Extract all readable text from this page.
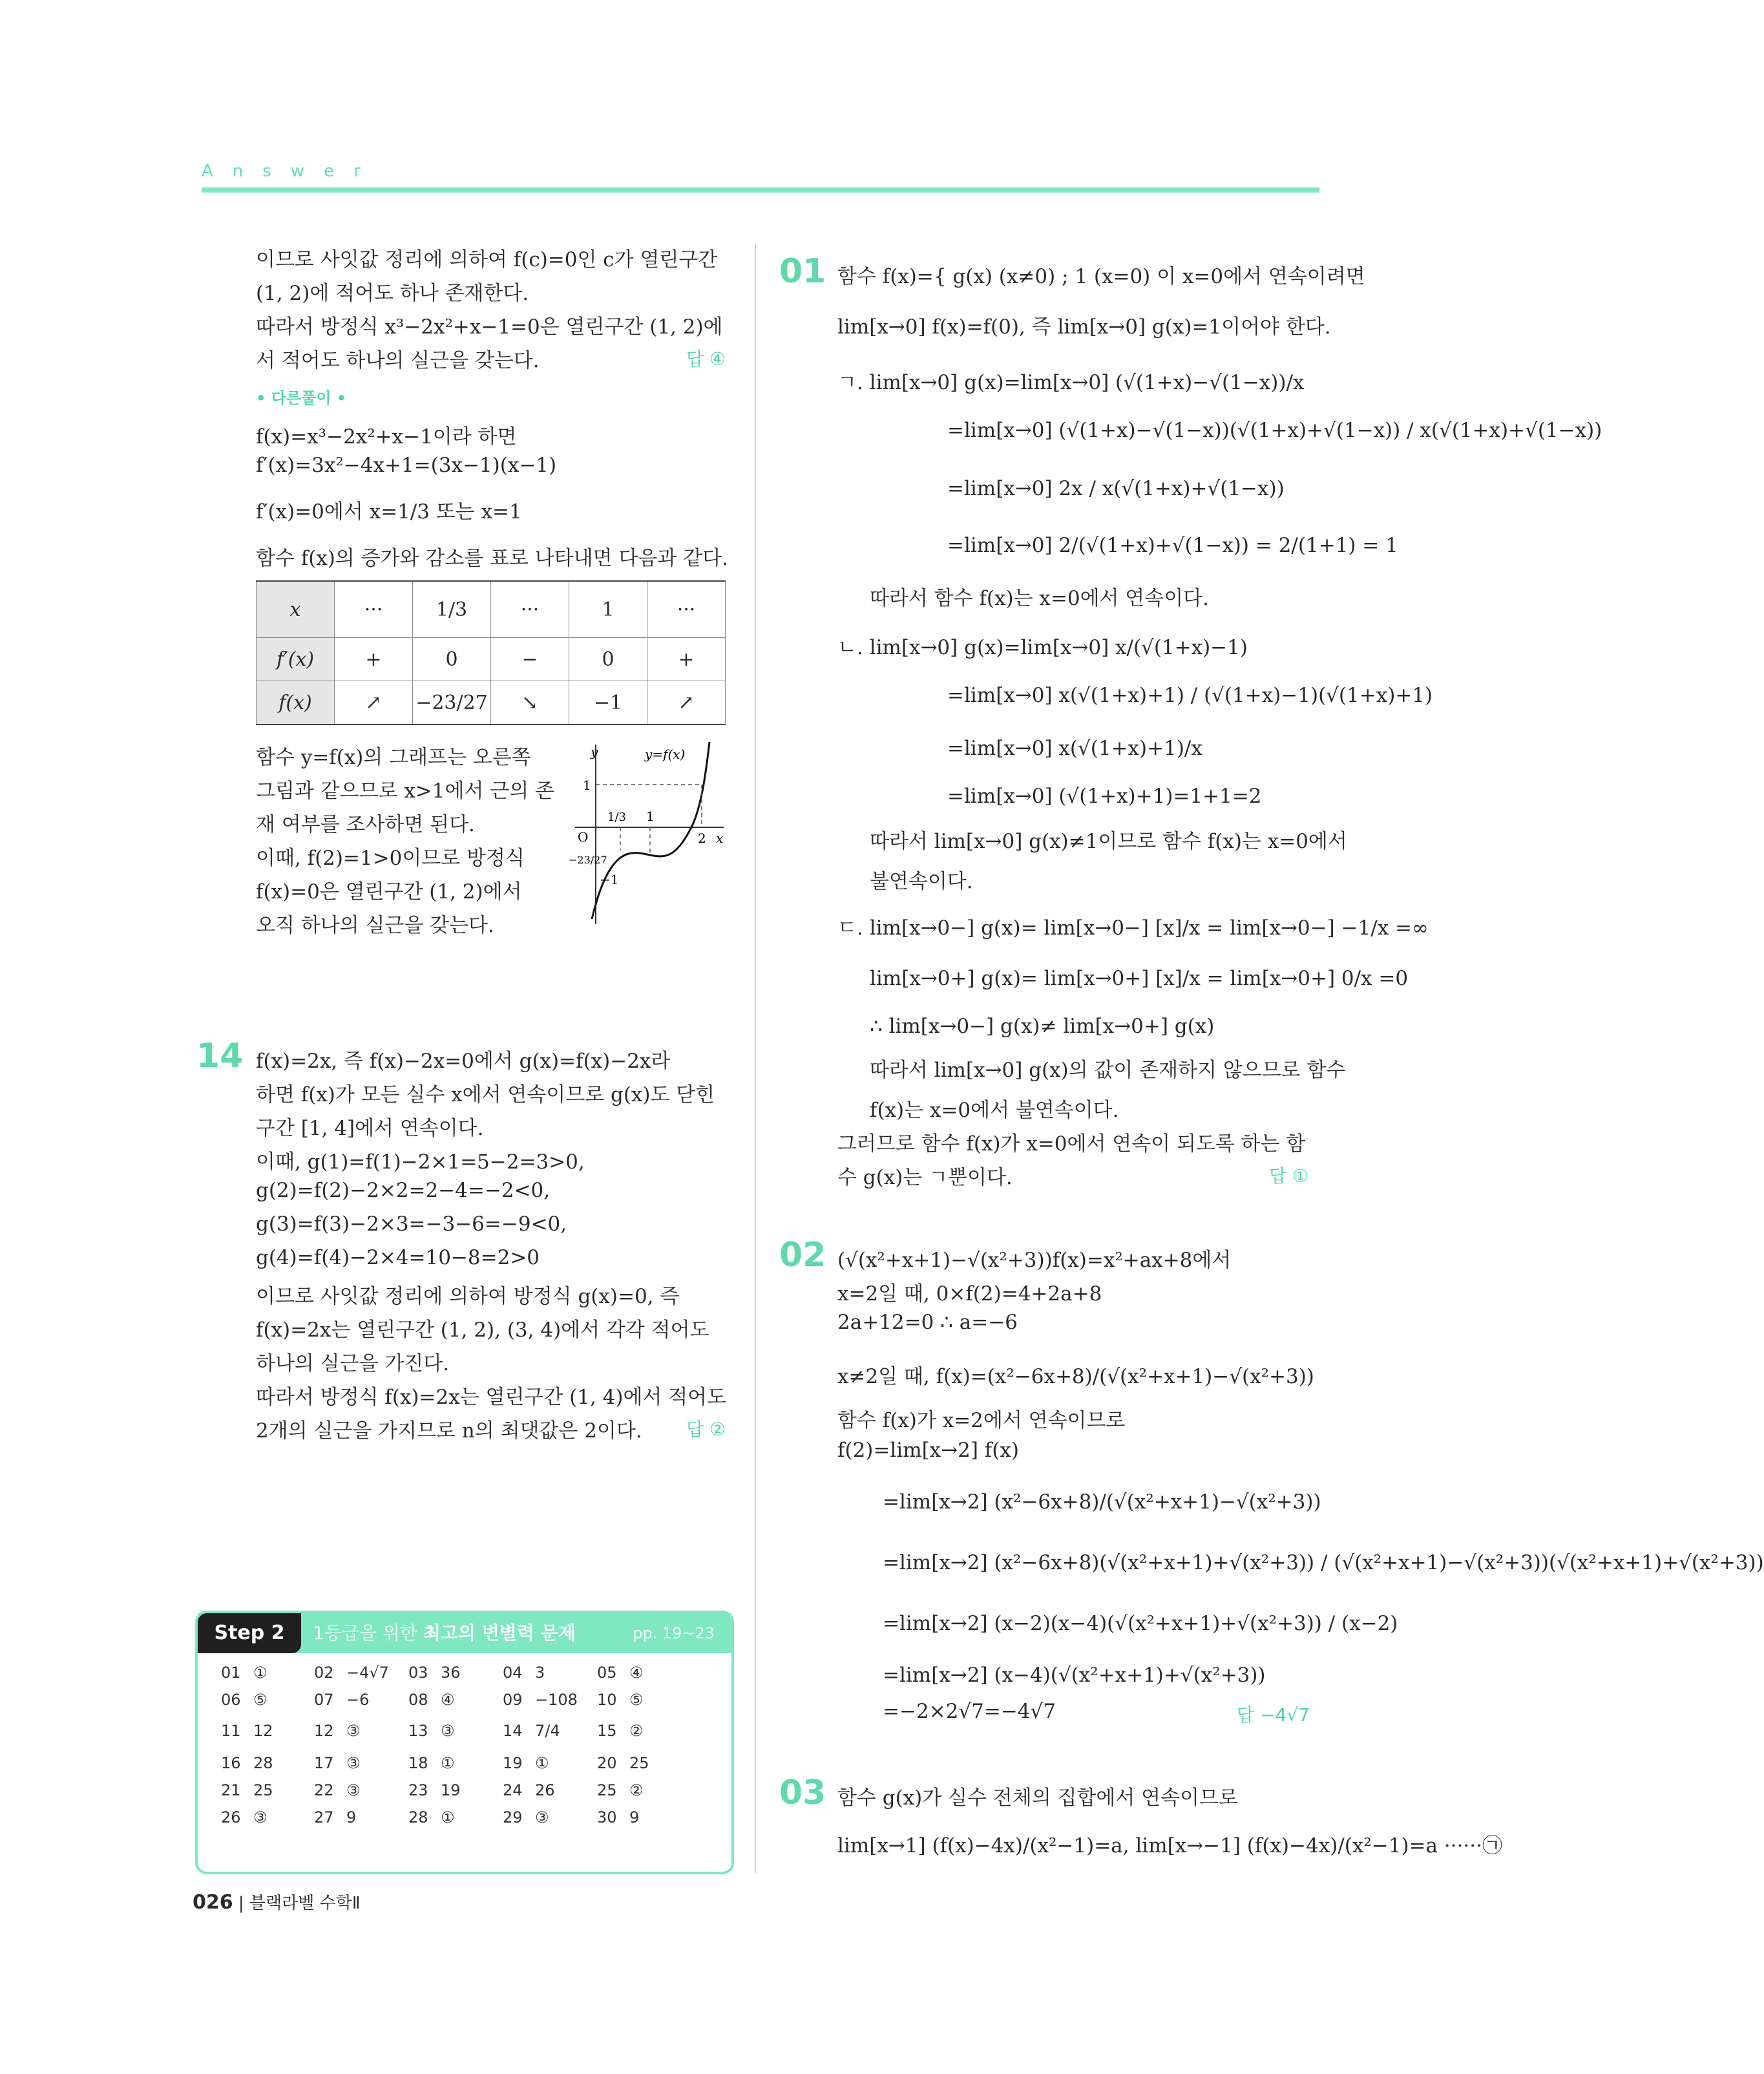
Answer
이므로 사잇값 정리에 의하여 f(c)=0인 c가 열린구간
(1, 2)에 적어도 하나 존재한다.
따라서 방정식 x³−2x²+x−1=0은 열린구간 (1, 2)에
서 적어도 하나의 실근을 갖는다.	답 ④
• 다른풀이 •
f(x)=x³−2x²+x−1이라 하면
f′(x)=3x²−4x+1=(3x−1)(x−1)
f′(x)=0에서 x=1/3 또는 x=1
함수 f(x)의 증가와 감소를 표로 나타내면 다음과 같다.
x	···	1/3	···	1	···
f′(x)	+	0	−	0	+
f(x)	↗	−23/27	↘	−1	↗
함수 y=f(x)의 그래프는 오른쪽
그림과 같으므로 x>1에서 근의 존
재 여부를 조사하면 된다.
이때, f(2)=1>0이므로 방정식
f(x)=0은 열린구간 (1, 2)에서
오직 하나의 실근을 갖는다.
y	y=f(x)
1
O
1/3 1
2 x
−23/27
−1
14 f(x)=2x, 즉 f(x)−2x=0에서 g(x)=f(x)−2x라
하면 f(x)가 모든 실수 x에서 연속이므로 g(x)도 닫힌
구간 [1, 4]에서 연속이다.
이때, g(1)=f(1)−2×1=5−2=3>0,
g(2)=f(2)−2×2=2−4=−2<0,
g(3)=f(3)−2×3=−3−6=−9<0,
g(4)=f(4)−2×4=10−8=2>0
이므로 사잇값 정리에 의하여 방정식 g(x)=0, 즉
f(x)=2x는 열린구간 (1, 2), (3, 4)에서 각각 적어도
하나의 실근을 가진다.
따라서 방정식 f(x)=2x는 열린구간 (1, 4)에서 적어도
2개의 실근을 가지므로 n의 최댓값은 2이다. 답 ②
Step 2	1등급을 위한 최고의 변별력 문제	pp. 19~23
01 ①	02 −4√7 03 36	04 3	05 ④
06 ⑤	07 −6	08 ④	09 −108 10 ⑤
11 12	12 ③	13 ③	14 7/4 15 ②
16 28	17 ③	18 ①	19 ①	20 25
21 25	22 ③	23 19	24 26	25 ②
26 ③	27 9	28 ①	29 ③	30 9
026 | 블랙라벨 수학Ⅱ
01 함수 f(x)={ g(x) (x≠0) ; 1 (x=0) 이 x=0에서 연속이려면
lim[x→0] f(x)=f(0), 즉 lim[x→0] g(x)=1이어야 한다.
ㄱ. lim[x→0] g(x)=lim[x→0] (√(1+x)−√(1−x))/x
=lim[x→0] (√(1+x)−√(1−x))(√(1+x)+√(1−x)) / x(√(1+x)+√(1−x))
=lim[x→0] 2x / x(√(1+x)+√(1−x))
=lim[x→0] 2/(√(1+x)+√(1−x)) = 2/(1+1) = 1
따라서 함수 f(x)는 x=0에서 연속이다.
ㄴ. lim[x→0] g(x)=lim[x→0] x/(√(1+x)−1)
=lim[x→0] x(√(1+x)+1) / (√(1+x)−1)(√(1+x)+1)
=lim[x→0] x(√(1+x)+1)/x
=lim[x→0] (√(1+x)+1)=1+1=2
따라서 lim[x→0] g(x)≠1이므로 함수 f(x)는 x=0에서
불연속이다.
ㄷ. lim[x→0−] g(x)= lim[x→0−] [x]/x = lim[x→0−] −1/x =∞
lim[x→0+] g(x)= lim[x→0+] [x]/x = lim[x→0+] 0/x =0
∴ lim[x→0−] g(x)≠ lim[x→0+] g(x)
따라서 lim[x→0] g(x)의 값이 존재하지 않으므로 함수
f(x)는 x=0에서 불연속이다.
그러므로 함수 f(x)가 x=0에서 연속이 되도록 하는 함
수 g(x)는 ㄱ뿐이다.	답 ①
02 (√(x²+x+1)−√(x²+3))f(x)=x²+ax+8에서
x=2일 때, 0×f(2)=4+2a+8
2a+12=0 ∴ a=−6
x≠2일 때, f(x)=(x²−6x+8)/(√(x²+x+1)−√(x²+3))
함수 f(x)가 x=2에서 연속이므로
f(2)=lim[x→2] f(x)
=lim[x→2] (x²−6x+8)/(√(x²+x+1)−√(x²+3))
=lim[x→2] (x²−6x+8)(√(x²+x+1)+√(x²+3)) / (√(x²+x+1)−√(x²+3))(√(x²+x+1)+√(x²+3))
=lim[x→2] (x−2)(x−4)(√(x²+x+1)+√(x²+3)) / (x−2)
=lim[x→2] (x−4)(√(x²+x+1)+√(x²+3))
=−2×2√7=−4√7	답 −4√7
03 함수 g(x)가 실수 전체의 집합에서 연속이므로
lim[x→1] (f(x)−4x)/(x²−1)=a, lim[x→−1] (f(x)−4x)/(x²−1)=a ······㉠
